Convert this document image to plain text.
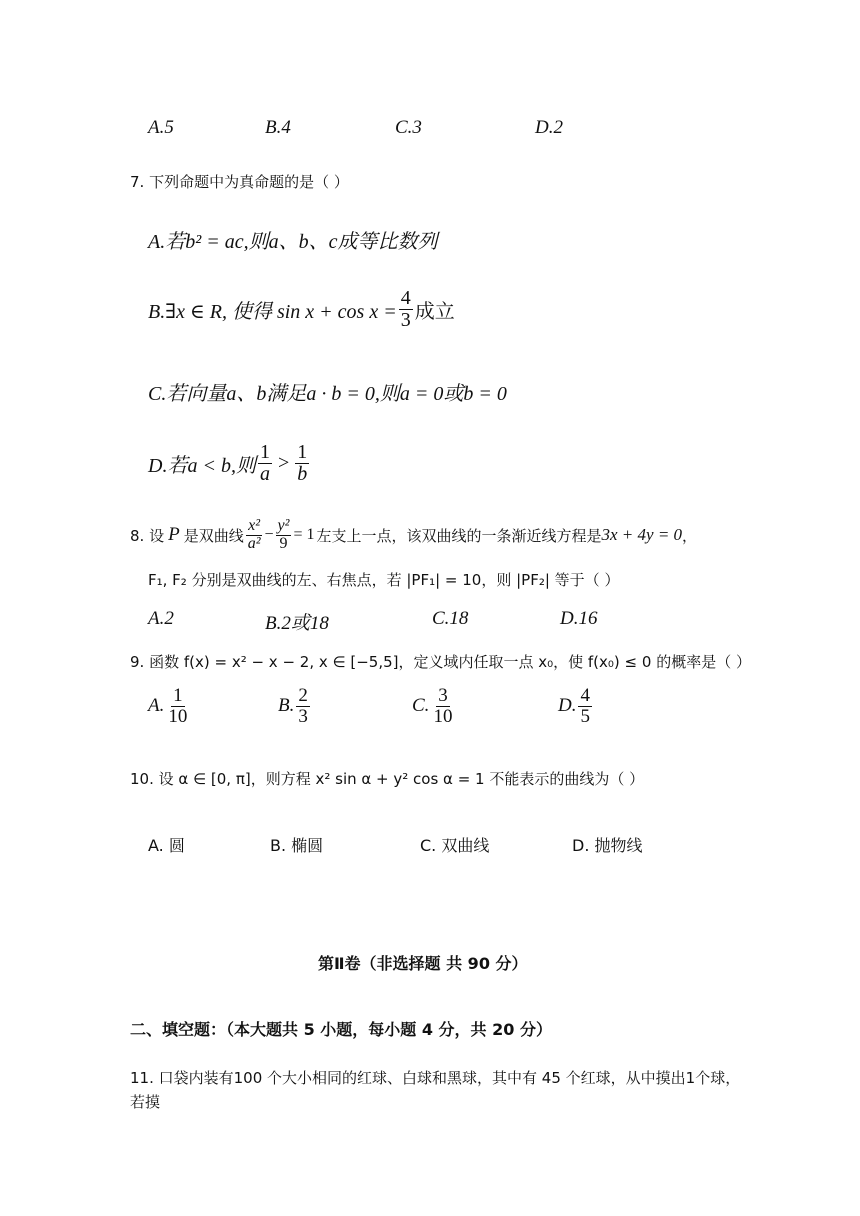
A.5	B.4	C.3	D.2
7. 下列命题中为真命题的是（ ）
A.若b² = ac,则a、b、c成等比数列
B.∃x ∈ R, 使得 $\sin x + \cos x = \frac{4}{3}$ 成立
C.若向量a、b满足a · b = 0,则a = 0或b = 0
D.若a < b,则 $\frac{1}{a} > \frac{1}{b}$
8. 设 P 是双曲线 $\frac{\text{x²}}{\text{a²}} - \frac{\text{y²}}{9} = 1$ 左支上一点，该双曲线的一条渐近线方程是 3x + 4y = 0 ，
F₁, F₂ 分别是双曲线的左、右焦点，若 |PF₁| = 10，则 |PF₂| 等于（ ）
A.2	B.2或18	C.18	D.16
9. 函数 f(x) = x² − x − 2, x ∈ [−5,5]，定义域内任取一点 x₀，使 f(x₀) ≤ 0 的概率是（ ）
A. $\frac{1}{10}$	B. $\frac{2}{3}$	C. $\frac{3}{10}$	D. $\frac{4}{5}$
10. 设 α ∈ [0, π]，则方程 x² sin α + y² cos α = 1 不能表示的曲线为（ ）
A. 圆	B. 椭圆	C. 双曲线	D. 抛物线
第Ⅱ卷（非选择题 共 90 分）
二、填空题：（本大题共 5 小题，每小题 4 分，共 20 分）
11. 口袋内装有100 个大小相同的红球、白球和黑球，其中有 45 个红球，从中摸出1个球，
若摸
